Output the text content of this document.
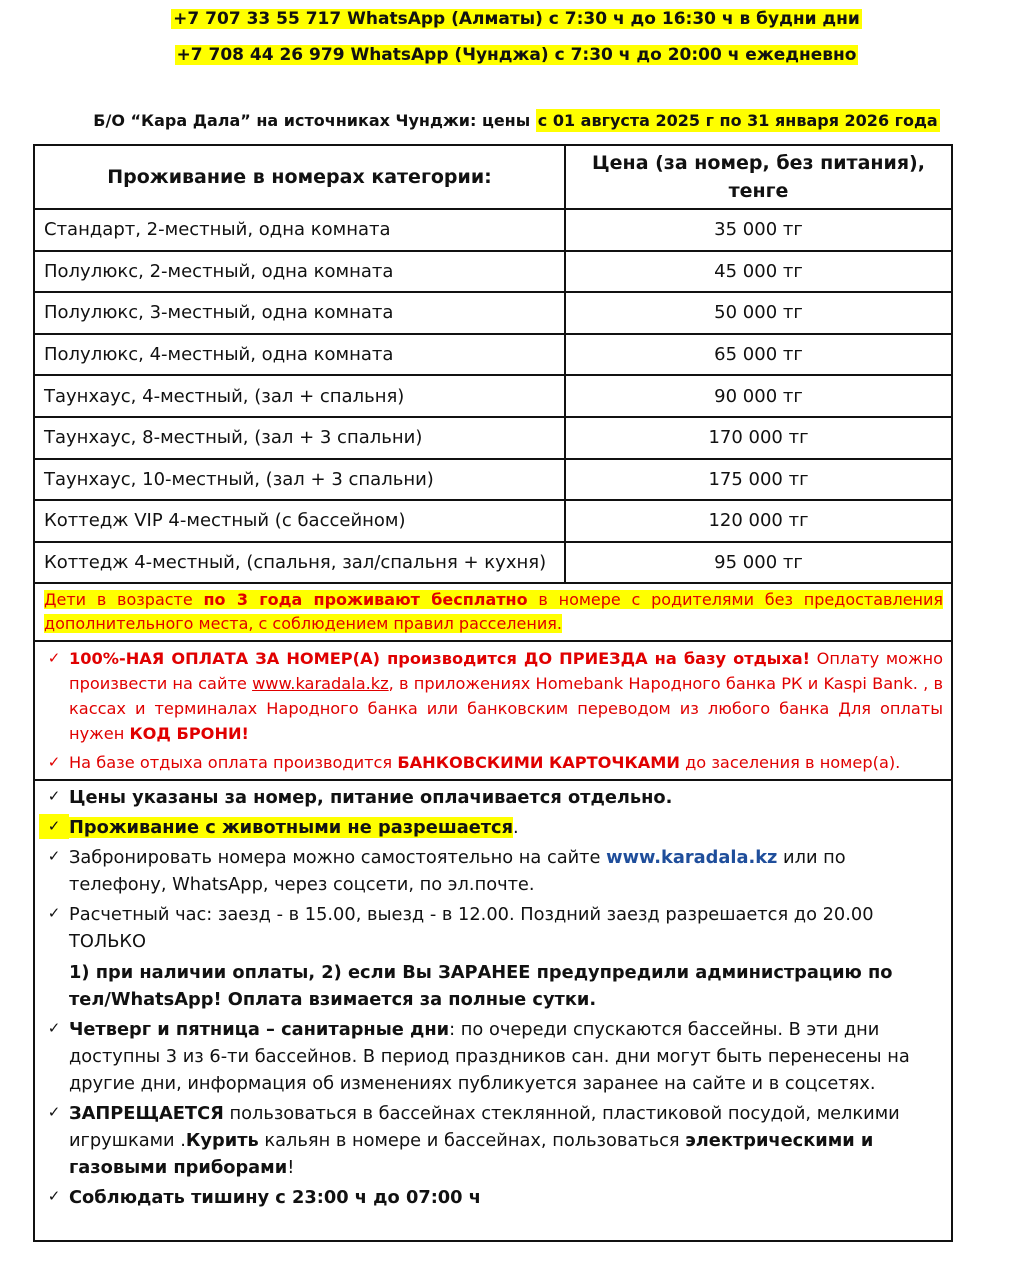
+7 707 33 55 717 WhatsApp (Алматы) с 7:30 ч до 16:30 ч в будни дни
+7 708 44 26 979 WhatsApp (Чунджа) с 7:30 ч до 20:00 ч ежедневно
Б/О “Кара Дала” на источниках Чунджи: цены с 01 августа 2025 г по 31 января 2026 года
Проживание в номерах категории:	Цена (за номер, без питания), тенге
Стандарт, 2-местный, одна комната	35 000 тг
Полулюкс, 2-местный, одна комната	45 000 тг
Полулюкс, 3-местный, одна комната	50 000 тг
Полулюкс, 4-местный, одна комната	65 000 тг
Таунхаус, 4-местный, (зал + спальня)	90 000 тг
Таунхаус, 8-местный, (зал + 3 спальни)	170 000 тг
Таунхаус, 10-местный, (зал + 3 спальни)	175 000 тг
Коттедж VIP 4-местный (с бассейном)	120 000 тг
Коттедж 4-местный, (спальня, зал/спальня + кухня)	95 000 тг
Дети в возрасте по 3 года проживают бесплатно в номере с родителями без предоставления дополнительного места, с соблюдением правил расселения.
✓ 100%-НАЯ ОПЛАТА ЗА НОМЕР(А) производится ДО ПРИЕЗДА на базу отдыха! Оплату можно произвести на сайте www.karadala.kz, в приложениях Homebank Народного банка РК и Kaspi Bank. , в кассах и терминалах Народного банка или банковским переводом из любого банка Для оплаты нужен КОД БРОНИ!
✓ На базе отдыха оплата производится БАНКОВСКИМИ КАРТОЧКАМИ до заселения в номер(а).
✓ Цены указаны за номер, питание оплачивается отдельно.
✓ Проживание с животными не разрешается.
✓ Забронировать номера можно самостоятельно на сайте www.karadala.kz или по телефону, WhatsApp, через соцсети, по эл.почте.
✓ Расчетный час: заезд - в 15.00, выезд - в 12.00. Поздний заезд разрешается до 20.00 ТОЛЬКО
1) при наличии оплаты, 2) если Вы ЗАРАНЕЕ предупредили администрацию по тел/WhatsApp! Оплата взимается за полные сутки.
✓ Четверг и пятница – санитарные дни: по очереди спускаются бассейны. В эти дни доступны 3 из 6-ти бассейнов. В период праздников сан. дни могут быть перенесены на другие дни, информация об изменениях публикуется заранее на сайте и в соцсетях.
✓ ЗАПРЕЩАЕТСЯ пользоваться в бассейнах стеклянной, пластиковой посудой, мелкими игрушками .Курить кальян в номере и бассейнах, пользоваться электрическими и газовыми приборами!
✓ Соблюдать тишину с 23:00 ч до 07:00 ч
